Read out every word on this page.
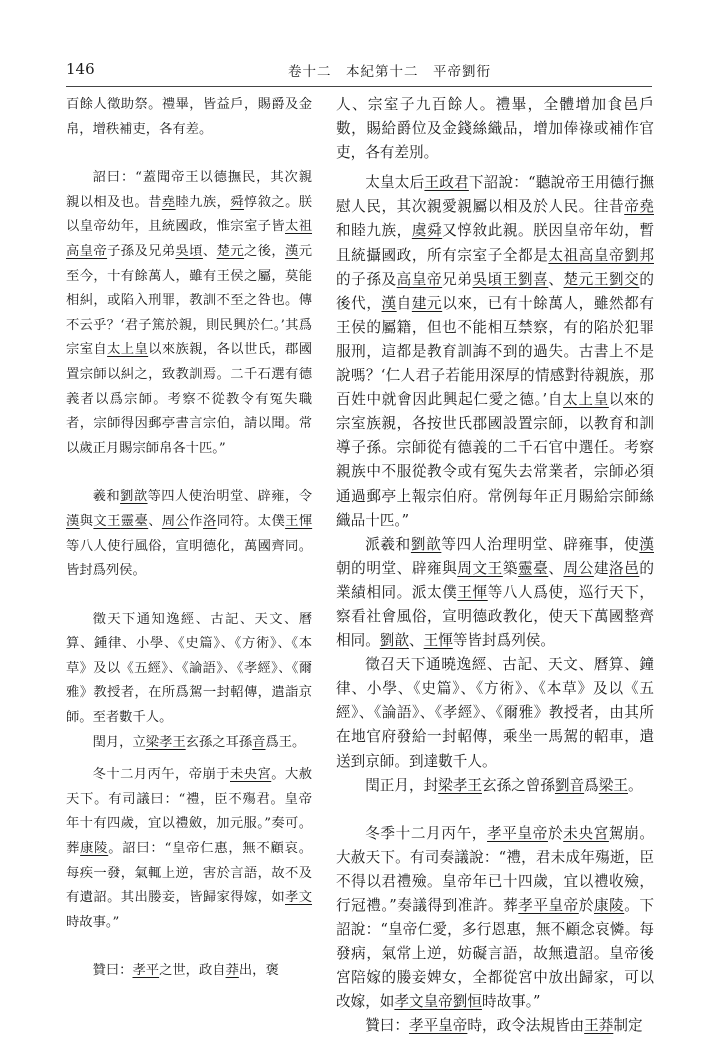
146	卷十二　本紀第十二　平帝劉衎

百餘人徵助祭。禮畢，皆益戶，賜爵及金帛，增秩補吏，各有差。

詔曰：“蓋聞帝王以德撫民，其次親親以相及也。昔堯睦九族，舜惇敘之。朕以皇帝幼年，且統國政，惟宗室子皆太祖高皇帝子孫及兄弟吳頃、楚元之後，漢元至今，十有餘萬人，雖有王侯之屬，莫能相糾，或陷入刑罪，教訓不至之咎也。傳不云乎？‘君子篤於親，則民興於仁。’其爲宗室自太上皇以來族親，各以世氏，郡國置宗師以糾之，致教訓焉。二千石選有德義者以爲宗師。考察不從教令有冤失職者，宗師得因郵亭書言宗伯，請以聞。常以歲正月賜宗師帛各十匹。”

羲和劉歆等四人使治明堂、辟雍，令漢與文王靈臺、周公作洛同符。太僕王惲等八人使行風俗，宣明德化，萬國齊同。皆封爲列侯。

徵天下通知逸經、古記、天文、曆算、鍾律、小學、《史篇》、《方術》、《本草》及以《五經》、《論語》、《孝經》、《爾雅》教授者，在所爲駕一封軺傳，遣詣京師。至者數千人。

閏月，立梁孝王玄孫之耳孫音爲王。

冬十二月丙午，帝崩于未央宮。大赦天下。有司議曰：“禮，臣不殤君。皇帝年十有四歲，宜以禮斂，加元服。”奏可。葬康陵。詔曰：“皇帝仁惠，無不顧哀。每疾一發，氣輒上逆，害於言語，故不及有遺詔。其出媵妾，皆歸家得嫁，如孝文時故事。”

贊曰：孝平之世，政自莽出，褒

人、宗室子九百餘人。禮畢，全體增加食邑戶數，賜給爵位及金錢絲織品，增加俸祿或補作官吏，各有差別。

太皇太后王政君下詔說：“聽說帝王用德行撫慰人民，其次親愛親屬以相及於人民。往昔帝堯和睦九族，虞舜又惇敘此親。朕因皇帝年幼，暫且統攝國政，所有宗室子全都是太祖高皇帝劉邦的子孫及高皇帝兄弟吳頃王劉喜、楚元王劉交的後代，漢自建元以來，已有十餘萬人，雖然都有王侯的屬籍，但也不能相互禁察，有的陷於犯罪服刑，這都是教育訓誨不到的過失。古書上不是說嗎？‘仁人君子若能用深厚的情感對待親族，那百姓中就會因此興起仁愛之德。’自太上皇以來的宗室族親，各按世氏郡國設置宗師，以教育和訓導子孫。宗師從有德義的二千石官中選任。考察親族中不服從教令或有冤失去常業者，宗師必須通過郵亭上報宗伯府。常例每年正月賜給宗師絲織品十匹。”

派羲和劉歆等四人治理明堂、辟雍事，使漢朝的明堂、辟雍與周文王築靈臺、周公建洛邑的業績相同。派太僕王惲等八人爲使，巡行天下，察看社會風俗，宣明德政教化，使天下萬國整齊相同。劉歆、王惲等皆封爲列侯。

徵召天下通曉逸經、古記、天文、曆算、鐘律、小學、《史篇》、《方術》、《本草》及以《五經》、《論語》、《孝經》、《爾雅》教授者，由其所在地官府發給一封軺傳，乘坐一馬駕的軺車，遣送到京師。到達數千人。

閏正月，封梁孝王玄孫之曾孫劉音爲梁王。

冬季十二月丙午，孝平皇帝於未央宮駕崩。大赦天下。有司奏議說：“禮，君未成年殤逝，臣不得以君禮殮。皇帝年已十四歲，宜以禮收殮，行冠禮。”奏議得到准許。葬孝平皇帝於康陵。下詔說：“皇帝仁愛，多行恩惠，無不顧念哀憐。每發病，氣常上逆，妨礙言語，故無遺詔。皇帝後宮陪嫁的媵妾婢女，全都從宮中放出歸家，可以改嫁，如孝文皇帝劉恒時故事。”

贊曰：孝平皇帝時，政令法規皆由王莽制定
